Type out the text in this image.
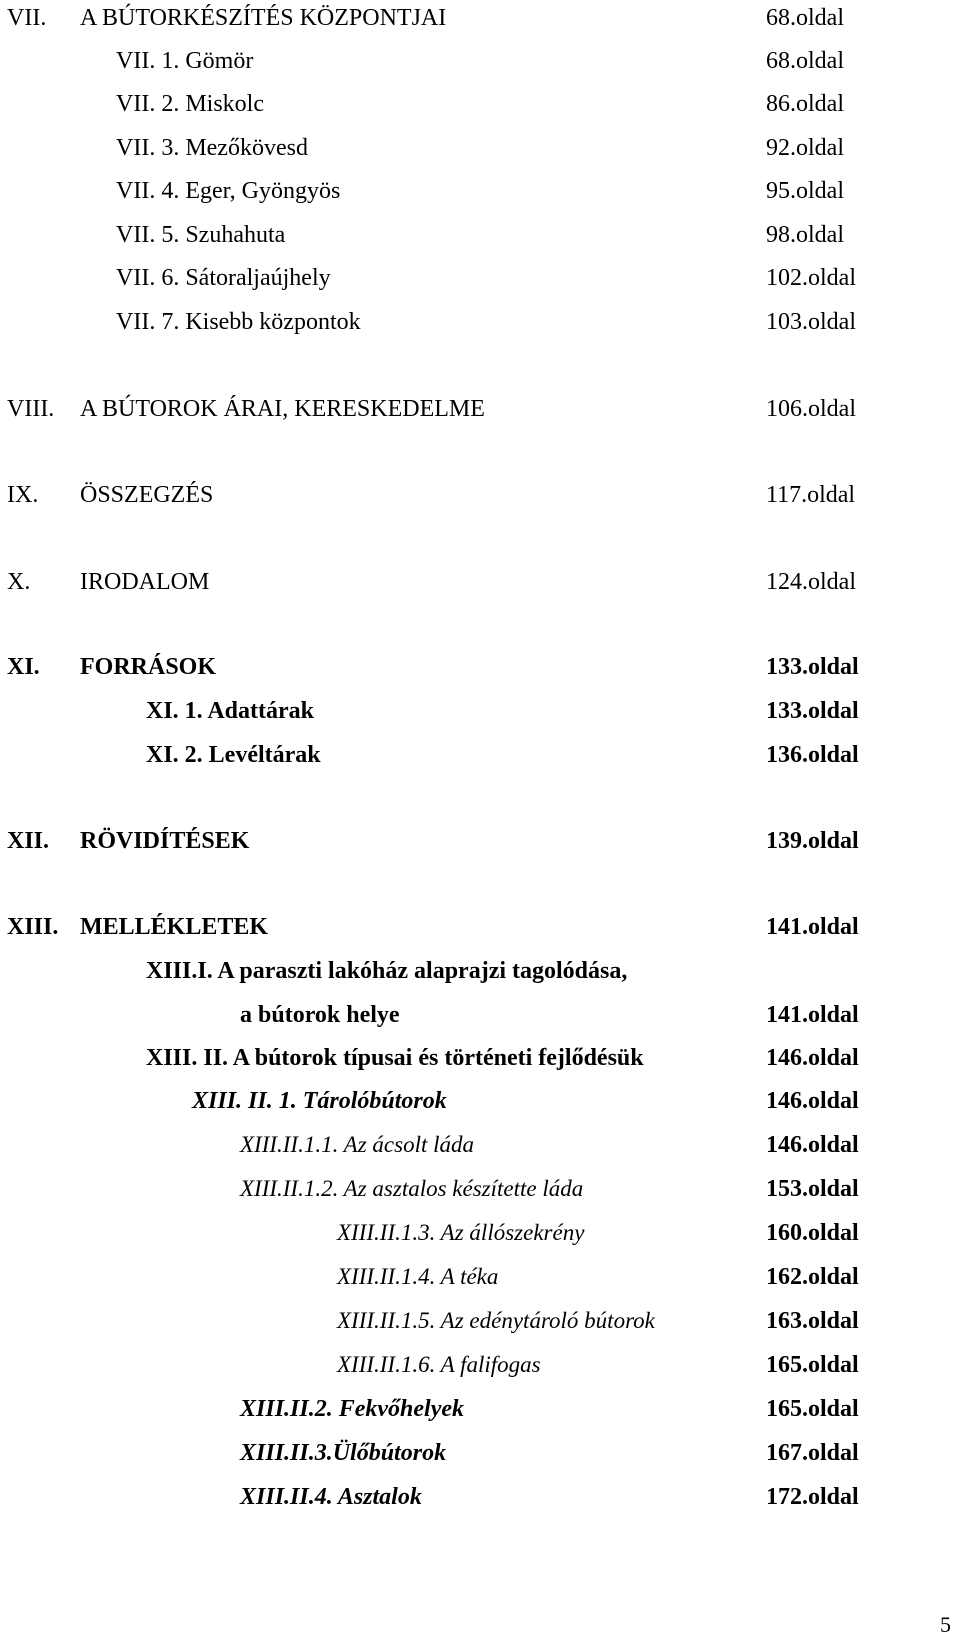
VII. A BÚTORKÉSZÍTÉS KÖZPONTJAI	68.oldal
VII. 1. Gömör	68.oldal
VII. 2. Miskolc	86.oldal
VII. 3. Mezőkövesd	92.oldal
VII. 4. Eger, Gyöngyös	95.oldal
VII. 5. Szuhahuta	98.oldal
VII. 6. Sátoraljaújhely	102.oldal
VII. 7. Kisebb központok	103.oldal
VIII. A BÚTOROK ÁRAI, KERESKEDELME	106.oldal
IX. ÖSSZEGZÉS	117.oldal
X. IRODALOM	124.oldal
XI. FORRÁSOK	133.oldal
XI. 1. Adattárak	133.oldal
XI. 2. Levéltárak	136.oldal
XII. RÖVIDÍTÉSEK	139.oldal
XIII. MELLÉKLETEK	141.oldal
XIII.I. A paraszti lakóház alaprajzi tagolódása,
a bútorok helye	141.oldal
XIII. II. A bútorok típusai és történeti fejlődésük	146.oldal
XIII. II. 1. Tárolóbútorok	146.oldal
XIII.II.1.1. Az ácsolt láda	146.oldal
XIII.II.1.2. Az asztalos készítette láda	153.oldal
XIII.II.1.3. Az állószekrény	160.oldal
XIII.II.1.4. A téka	162.oldal
XIII.II.1.5. Az edénytároló bútorok	163.oldal
XIII.II.1.6. A falifogas	165.oldal
XIII.II.2. Fekvőhelyek	165.oldal
XIII.II.3.Ülőbútorok	167.oldal
XIII.II.4. Asztalok	172.oldal
5
